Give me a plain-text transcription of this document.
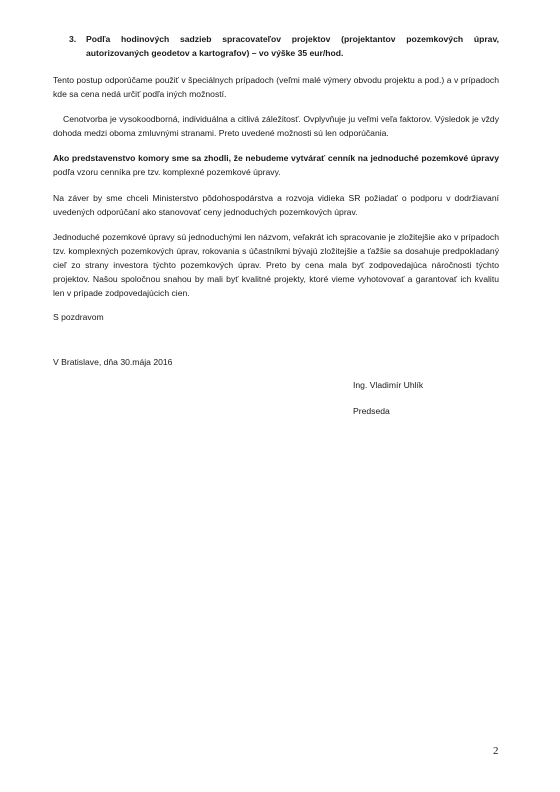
3. Podľa hodinových sadzieb spracovateľov projektov (projektantov pozemkových úprav, autorizovaných geodetov a kartografov) – vo výške 35 eur/hod.
Tento postup odporúčame použiť v špeciálnych prípadoch (veľmi malé výmery obvodu projektu a pod.) a v prípadoch kde sa cena nedá určiť podľa iných možností.
Cenotvorba je vysokoodborná, individuálna a citlivá záležitosť. Ovplyvňuje ju veľmi veľa faktorov. Výsledok je vždy dohoda medzi oboma zmluvnými stranami. Preto uvedené možnosti sú len odporúčania.
Ako predstavenstvo komory sme sa zhodli, že nebudeme vytvárať cenník na jednoduché pozemkové úpravy podľa vzoru cenníka pre tzv. komplexné pozemkové úpravy.
Na záver by sme chceli Ministerstvo pôdohospodárstva a rozvoja vidieka SR požiadať o podporu v dodržiavaní uvedených odporúčaní ako stanovovať ceny jednoduchých pozemkových úprav.
Jednoduché pozemkové úpravy sú jednoduchými len názvom, veľakrát ich spracovanie je zložitejšie ako v prípadoch tzv. komplexných pozemkových úprav, rokovania s účastníkmi bývajú zložitejšie a ťažšie sa dosahuje predpokladaný cieľ zo strany investora týchto pozemkových úprav. Preto by cena mala byť zodpovedajúca náročnosti týchto projektov. Našou spoločnou snahou by mali byť kvalitné projekty, ktoré vieme vyhotovovať a garantovať ich kvalitu len v prípade zodpovedajúcich cien.
S pozdravom
V Bratislave, dňa 30.mája 2016
Ing. Vladimír Uhlík
Predseda
2
